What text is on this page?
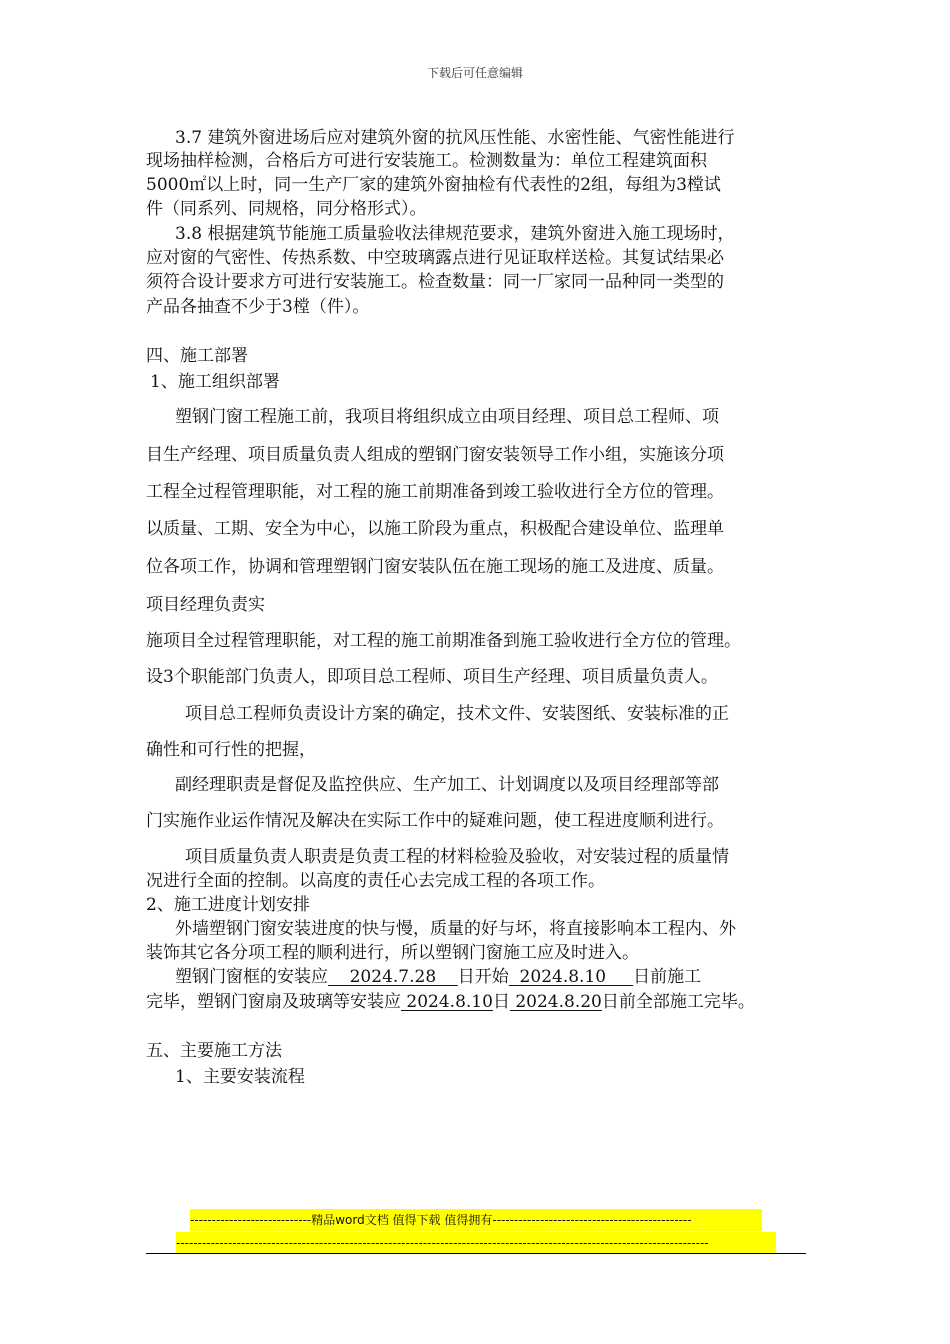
下载后可任意编辑
3.7 建筑外窗进场后应对建筑外窗的抗风压性能、水密性能、气密性能进行
现场抽样检测，合格后方可进行安装施工。检测数量为：单位工程建筑面积
5000㎡以上时，同一生产厂家的建筑外窗抽检有代表性的2组，每组为3樘试
件（同系列、同规格，同分格形式）。
3.8 根据建筑节能施工质量验收法律规范要求，建筑外窗进入施工现场时，
应对窗的气密性、传热系数、中空玻璃露点进行见证取样送检。其复试结果必
须符合设计要求方可进行安装施工。检查数量：同一厂家同一品种同一类型的
产品各抽查不少于3樘（件）。
四、施工部署
1、施工组织部署
塑钢门窗工程施工前，我项目将组织成立由项目经理、项目总工程师、项
目生产经理、项目质量负责人组成的塑钢门窗安装领导工作小组，实施该分项
工程全过程管理职能，对工程的施工前期准备到竣工验收进行全方位的管理。
以质量、工期、安全为中心，以施工阶段为重点，积极配合建设单位、监理单
位各项工作，协调和管理塑钢门窗安装队伍在施工现场的施工及进度、质量。
项目经理负责实
施项目全过程管理职能，对工程的施工前期准备到施工验收进行全方位的管理。
设3个职能部门负责人，即项目总工程师、项目生产经理、项目质量负责人。
项目总工程师负责设计方案的确定，技术文件、安装图纸、安装标准的正
确性和可行性的把握，
副经理职责是督促及监控供应、生产加工、计划调度以及项目经理部等部
门实施作业运作情况及解决在实际工作中的疑难问题，使工程进度顺利进行。
项目质量负责人职责是负责工程的材料检验及验收，对安装过程的质量情
况进行全面的控制。以高度的责任心去完成工程的各项工作。
2、施工进度计划安排
外墙塑钢门窗安装进度的快与慢，质量的好与坏，将直接影响本工程内、外
装饰其它各分项工程的顺利进行，所以塑钢门窗施工应及时进入。
塑钢门窗框的安装应    2024.7.28    日开始  2024.8.10     日前施工
完毕，塑钢门窗扇及玻璃等安装应 2024.8.10日 2024.8.20日前全部施工完毕。
五、主要施工方法
1、主要安装流程
----------------------------精品word文档 值得下载 值得拥有----------------------------------------------
---------------------------------------------------------------------------------------------------------------------------
